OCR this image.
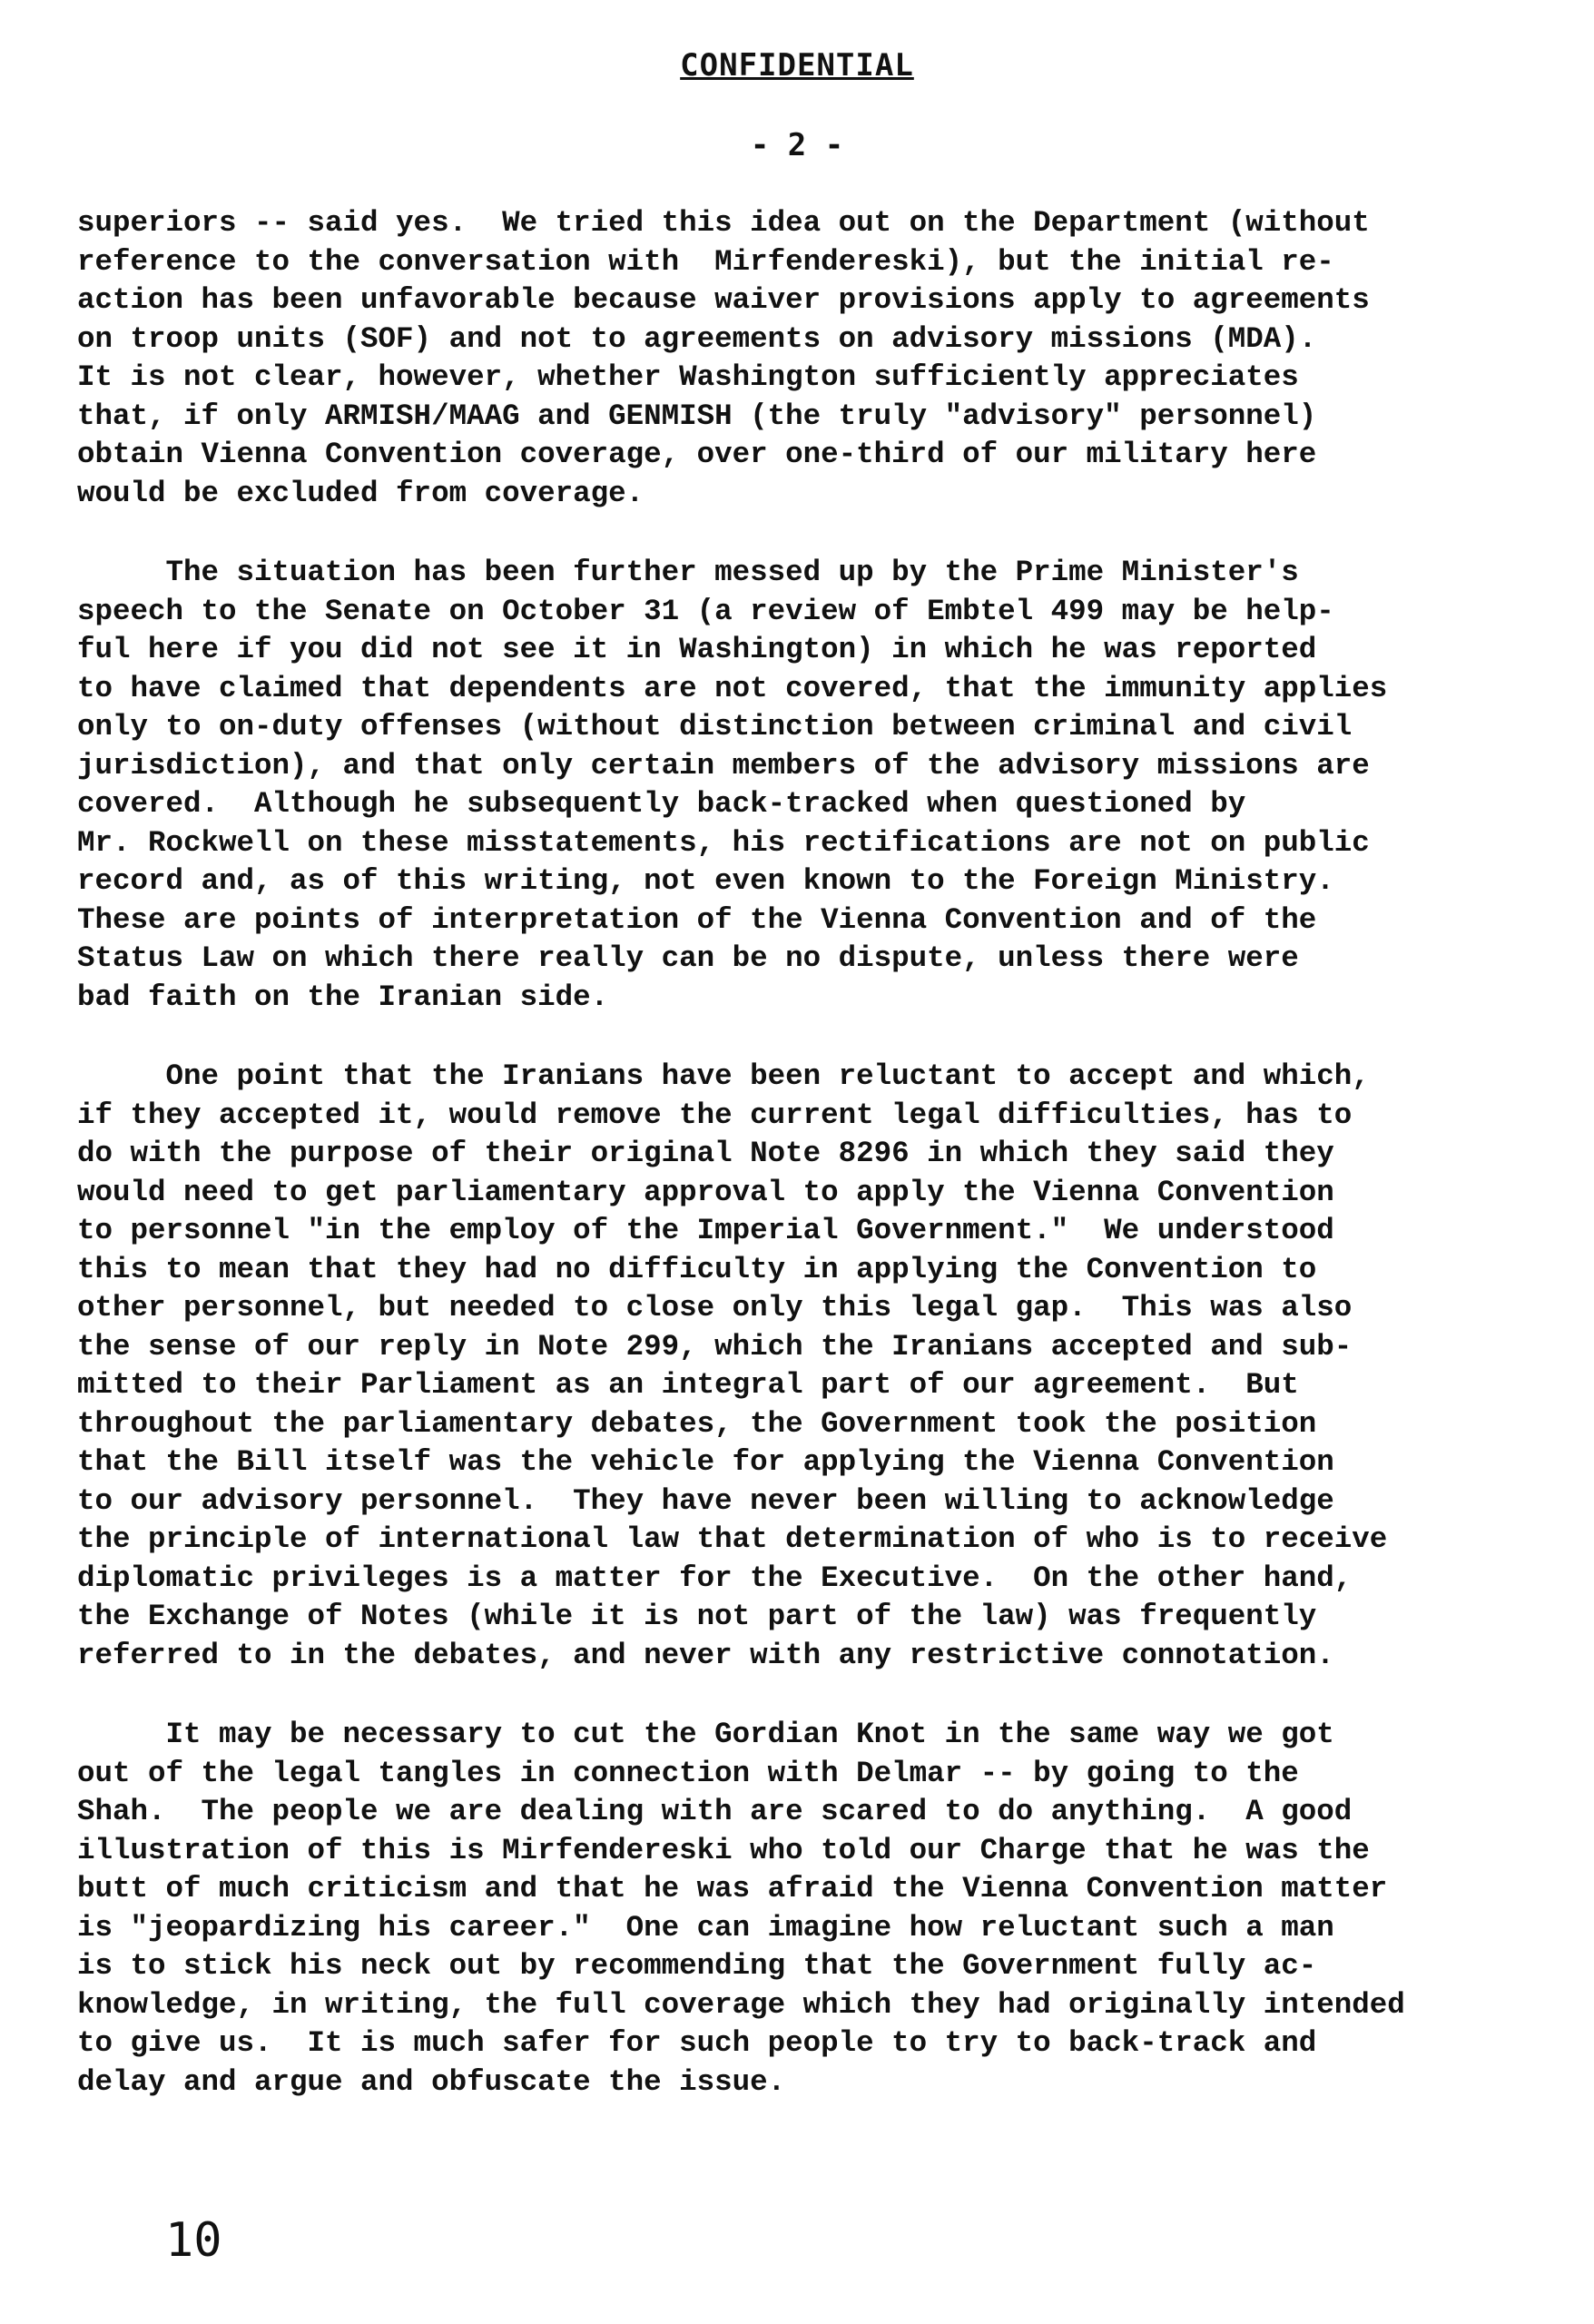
CONFIDENTIAL
- 2 -
superiors -- said yes.  We tried this idea out on the Department (without
reference to the conversation with  Mirfendereski), but the initial re-
action has been unfavorable because waiver provisions apply to agreements
on troop units (SOF) and not to agreements on advisory missions (MDA).
It is not clear, however, whether Washington sufficiently appreciates
that, if only ARMISH/MAAG and GENMISH (the truly "advisory" personnel)
obtain Vienna Convention coverage, over one-third of our military here
would be excluded from coverage.
The situation has been further messed up by the Prime Minister's
speech to the Senate on October 31 (a review of Embtel 499 may be help-
ful here if you did not see it in Washington) in which he was reported
to have claimed that dependents are not covered, that the immunity applies
only to on-duty offenses (without distinction between criminal and civil
jurisdiction), and that only certain members of the advisory missions are
covered.  Although he subsequently back-tracked when questioned by
Mr. Rockwell on these misstatements, his rectifications are not on public
record and, as of this writing, not even known to the Foreign Ministry.
These are points of interpretation of the Vienna Convention and of the
Status Law on which there really can be no dispute, unless there were
bad faith on the Iranian side.
One point that the Iranians have been reluctant to accept and which,
if they accepted it, would remove the current legal difficulties, has to
do with the purpose of their original Note 8296 in which they said they
would need to get parliamentary approval to apply the Vienna Convention
to personnel "in the employ of the Imperial Government."  We understood
this to mean that they had no difficulty in applying the Convention to
other personnel, but needed to close only this legal gap.  This was also
the sense of our reply in Note 299, which the Iranians accepted and sub-
mitted to their Parliament as an integral part of our agreement.  But
throughout the parliamentary debates, the Government took the position
that the Bill itself was the vehicle for applying the Vienna Convention
to our advisory personnel.  They have never been willing to acknowledge
the principle of international law that determination of who is to receive
diplomatic privileges is a matter for the Executive.  On the other hand,
the Exchange of Notes (while it is not part of the law) was frequently
referred to in the debates, and never with any restrictive connotation.
It may be necessary to cut the Gordian Knot in the same way we got
out of the legal tangles in connection with Delmar -- by going to the
Shah.  The people we are dealing with are scared to do anything.  A good
illustration of this is Mirfendereski who told our Charge that he was the
butt of much criticism and that he was afraid the Vienna Convention matter
is "jeopardizing his career."  One can imagine how reluctant such a man
is to stick his neck out by recommending that the Government fully ac-
knowledge, in writing, the full coverage which they had originally intended
to give us.  It is much safer for such people to try to back-track and
delay and argue and obfuscate the issue.
10
